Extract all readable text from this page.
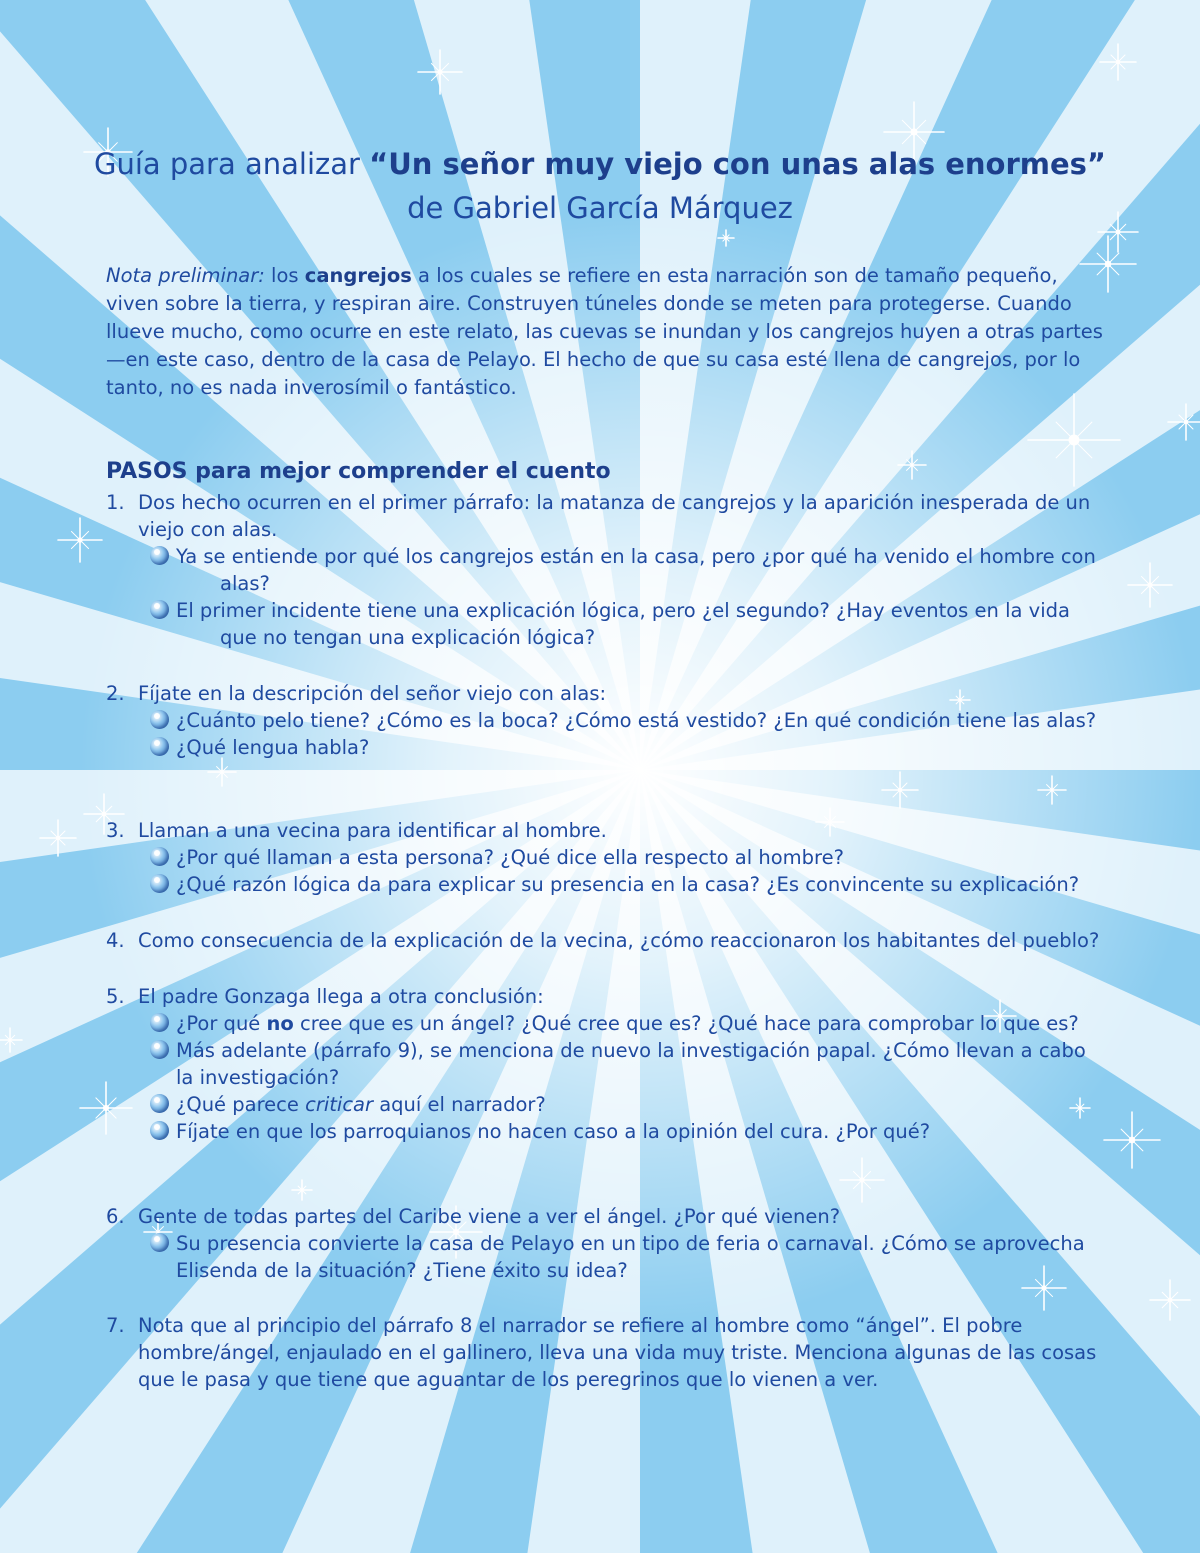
Guía para analizar “Un señor muy viejo con unas alas enormes”
de Gabriel García Márquez

Nota preliminar: los cangrejos a los cuales se refiere en esta narración son de tamaño pequeño, viven sobre la tierra, y respiran aire. Construyen túneles donde se meten para protegerse. Cuando llueve mucho, como ocurre en este relato, las cuevas se inundan y los cangrejos huyen a otras partes —en este caso, dentro de la casa de Pelayo. El hecho de que su casa esté llena de cangrejos, por lo tanto, no es nada inverosímil o fantástico.

PASOS para mejor comprender el cuento
1. Dos hecho ocurren en el primer párrafo: la matanza de cangrejos y la aparición inesperada de un viejo con alas.
Ya se entiende por qué los cangrejos están en la casa, pero ¿por qué ha venido el hombre con alas?
El primer incidente tiene una explicación lógica, pero ¿el segundo? ¿Hay eventos en la vida que no tengan una explicación lógica?
2. Fíjate en la descripción del señor viejo con alas:
¿Cuánto pelo tiene? ¿Cómo es la boca? ¿Cómo está vestido? ¿En qué condición tiene las alas?
¿Qué lengua habla?
3. Llaman a una vecina para identificar al hombre.
¿Por qué llaman a esta persona? ¿Qué dice ella respecto al hombre?
¿Qué razón lógica da para explicar su presencia en la casa? ¿Es convincente su explicación?
4. Como consecuencia de la explicación de la vecina, ¿cómo reaccionaron los habitantes del pueblo?
5. El padre Gonzaga llega a otra conclusión:
¿Por qué no cree que es un ángel? ¿Qué cree que es? ¿Qué hace para comprobar lo que es?
Más adelante (párrafo 9), se menciona de nuevo la investigación papal. ¿Cómo llevan a cabo la investigación?
¿Qué parece criticar aquí el narrador?
Fíjate en que los parroquianos no hacen caso a la opinión del cura. ¿Por qué?
6. Gente de todas partes del Caribe viene a ver el ángel. ¿Por qué vienen?
Su presencia convierte la casa de Pelayo en un tipo de feria o carnaval. ¿Cómo se aprovecha Elisenda de la situación? ¿Tiene éxito su idea?
7. Nota que al principio del párrafo 8 el narrador se refiere al hombre como “ángel”. El pobre hombre/ángel, enjaulado en el gallinero, lleva una vida muy triste. Menciona algunas de las cosas que le pasa y que tiene que aguantar de los peregrinos que lo vienen a ver.
